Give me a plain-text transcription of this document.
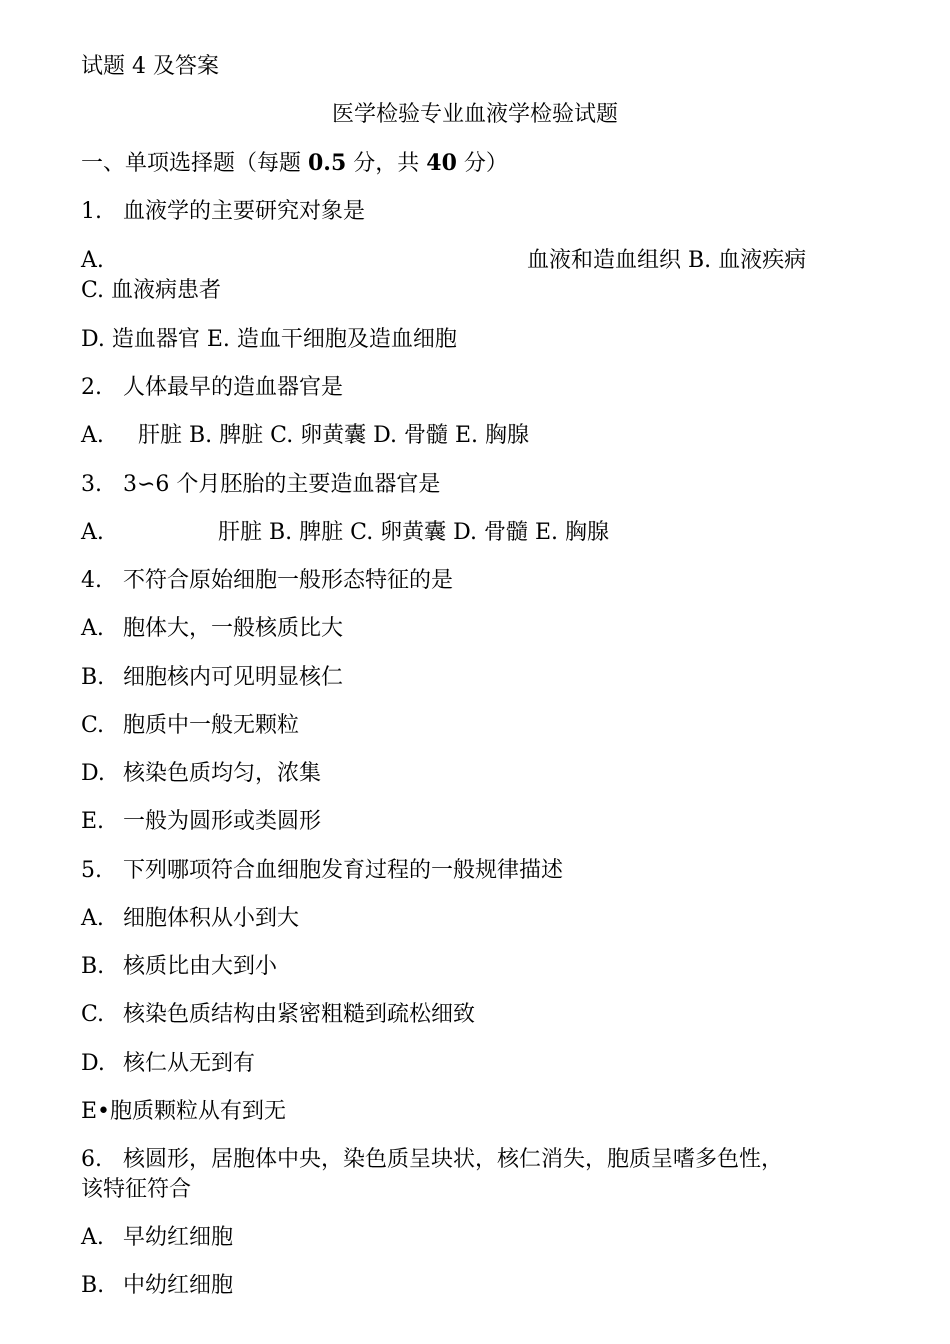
试题 4 及答案
医学检验专业血液学检验试题
一、单项选择题（每题 0.5 分，共 40 分）
1. 血液学的主要研究对象是
A.	血液和造血组织 B. 血液疾病
C. 血液病患者
D. 造血器官 E. 造血干细胞及造血细胞
2. 人体最早的造血器官是
A. 肝脏 B. 脾脏 C. 卵黄囊 D. 骨髓 E. 胸腺
3. 3∽6 个月胚胎的主要造血器官是
A.	肝脏 B. 脾脏 C. 卵黄囊 D. 骨髓 E. 胸腺
4. 不符合原始细胞一般形态特征的是
A. 胞体大，一般核质比大
B. 细胞核内可见明显核仁
C. 胞质中一般无颗粒
D. 核染色质均匀，浓集
E. 一般为圆形或类圆形
5. 下列哪项符合血细胞发育过程的一般规律描述
A. 细胞体积从小到大
B. 核质比由大到小
C. 核染色质结构由紧密粗糙到疏松细致
D. 核仁从无到有
E•胞质颗粒从有到无
6. 核圆形，居胞体中央，染色质呈块状，核仁消失，胞质呈嗜多色性，
该特征符合
A. 早幼红细胞
B. 中幼红细胞
